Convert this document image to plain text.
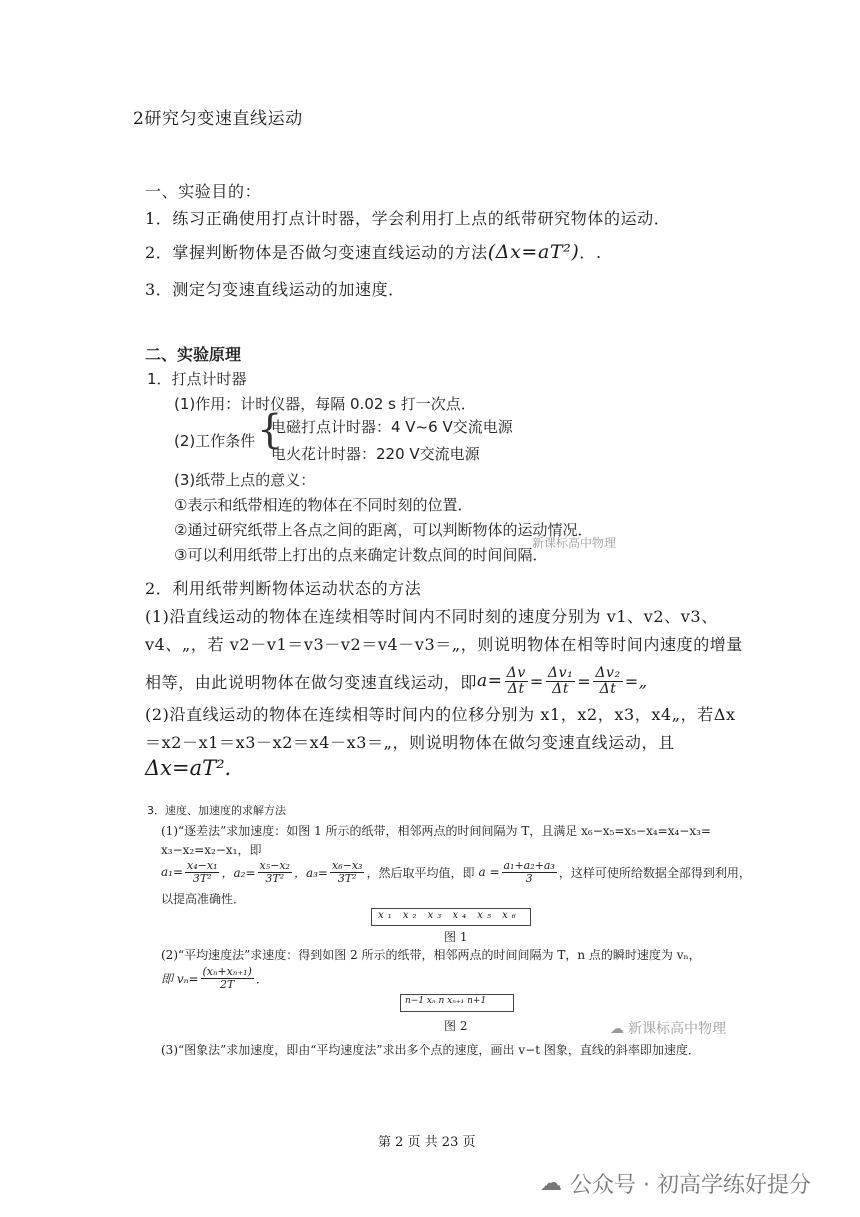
2研究匀变速直线运动
一、实验目的：
1．练习正确使用打点计时器，学会利用打上点的纸带研究物体的运动．
2．掌握判断物体是否做匀变速直线运动的方法(Δx=aT²)．.
3．测定匀变速直线运动的加速度．
二、实验原理
1．打点计时器
(1)作用：计时仪器，每隔 0.02 s 打一次点．
(2)工作条件 {
电磁打点计时器：4 V~6 V交流电源
电火花计时器：220 V交流电源
(3)纸带上点的意义：
①表示和纸带相连的物体在不同时刻的位置．
②通过研究纸带上各点之间的距离，可以判断物体的运动情况．
③可以利用纸带上打出的点来确定计数点间的时间间隔．
新课标高中物理
2．利用纸带判断物体运动状态的方法
(1)沿直线运动的物体在连续相等时间内不同时刻的速度分别为 v1、v2、v3、
v4、„，若 v2－v1＝v3－v2＝v4－v3＝„，则说明物体在相等时间内速度的增量
相等，由此说明物体在做匀变速直线运动，即 $a= \frac{\Delta v}{\Delta t} = \frac{\text{Δv₁}}{\Delta t} = \frac{\text{Δv₂}}{\Delta t}$ =„
(2)沿直线运动的物体在连续相等时间内的位移分别为 x1，x2，x3，x4„，若Δx
＝x2－x1＝x3－x2＝x4－x3＝„，则说明物体在做匀变速直线运动，且
Δx=aT².
3．速度、加速度的求解方法
(1)“逐差法”求加速度：如图 1 所示的纸带，相邻两点的时间间隔为 T，且满足 x₆−x₅=x₅−x₄=x₄−x₃=
x₃−x₂=x₂−x₁，即
$a_1= \frac{\text{x₄−x₁}}{\text{3T²}}$ ，$a_2= \frac{\text{x₅−x₂}}{\text{3T²}}$ ，$a_3= \frac{\text{x₆−x₃}}{\text{3T²}}$ ，然后取平均值，即 $a = \frac{\text{a₁+a₂+a₃}}{3}$ ，这样可使所给数据全部得到利用，
以提高准确性．
x₁ x₂ x₃ x₄ x₅ x₆
图 1
(2)“平均速度法”求速度：得到如图 2 所示的纸带，相邻两点的时间间隔为 T，n 点的瞬时速度为 vₙ，
即 $v_n= \frac{\text{(xₙ+xₙ₊₁)}}{2T}$ ．
n−1 xₙ n xₙ₊₁ n+1
图 2	☁ 新课标高中物理
(3)“图象法”求加速度，即由“平均速度法”求出多个点的速度，画出 v−t 图象，直线的斜率即加速度．
第 2 页 共 23 页
☁ 公众号 · 初高学练好提分
